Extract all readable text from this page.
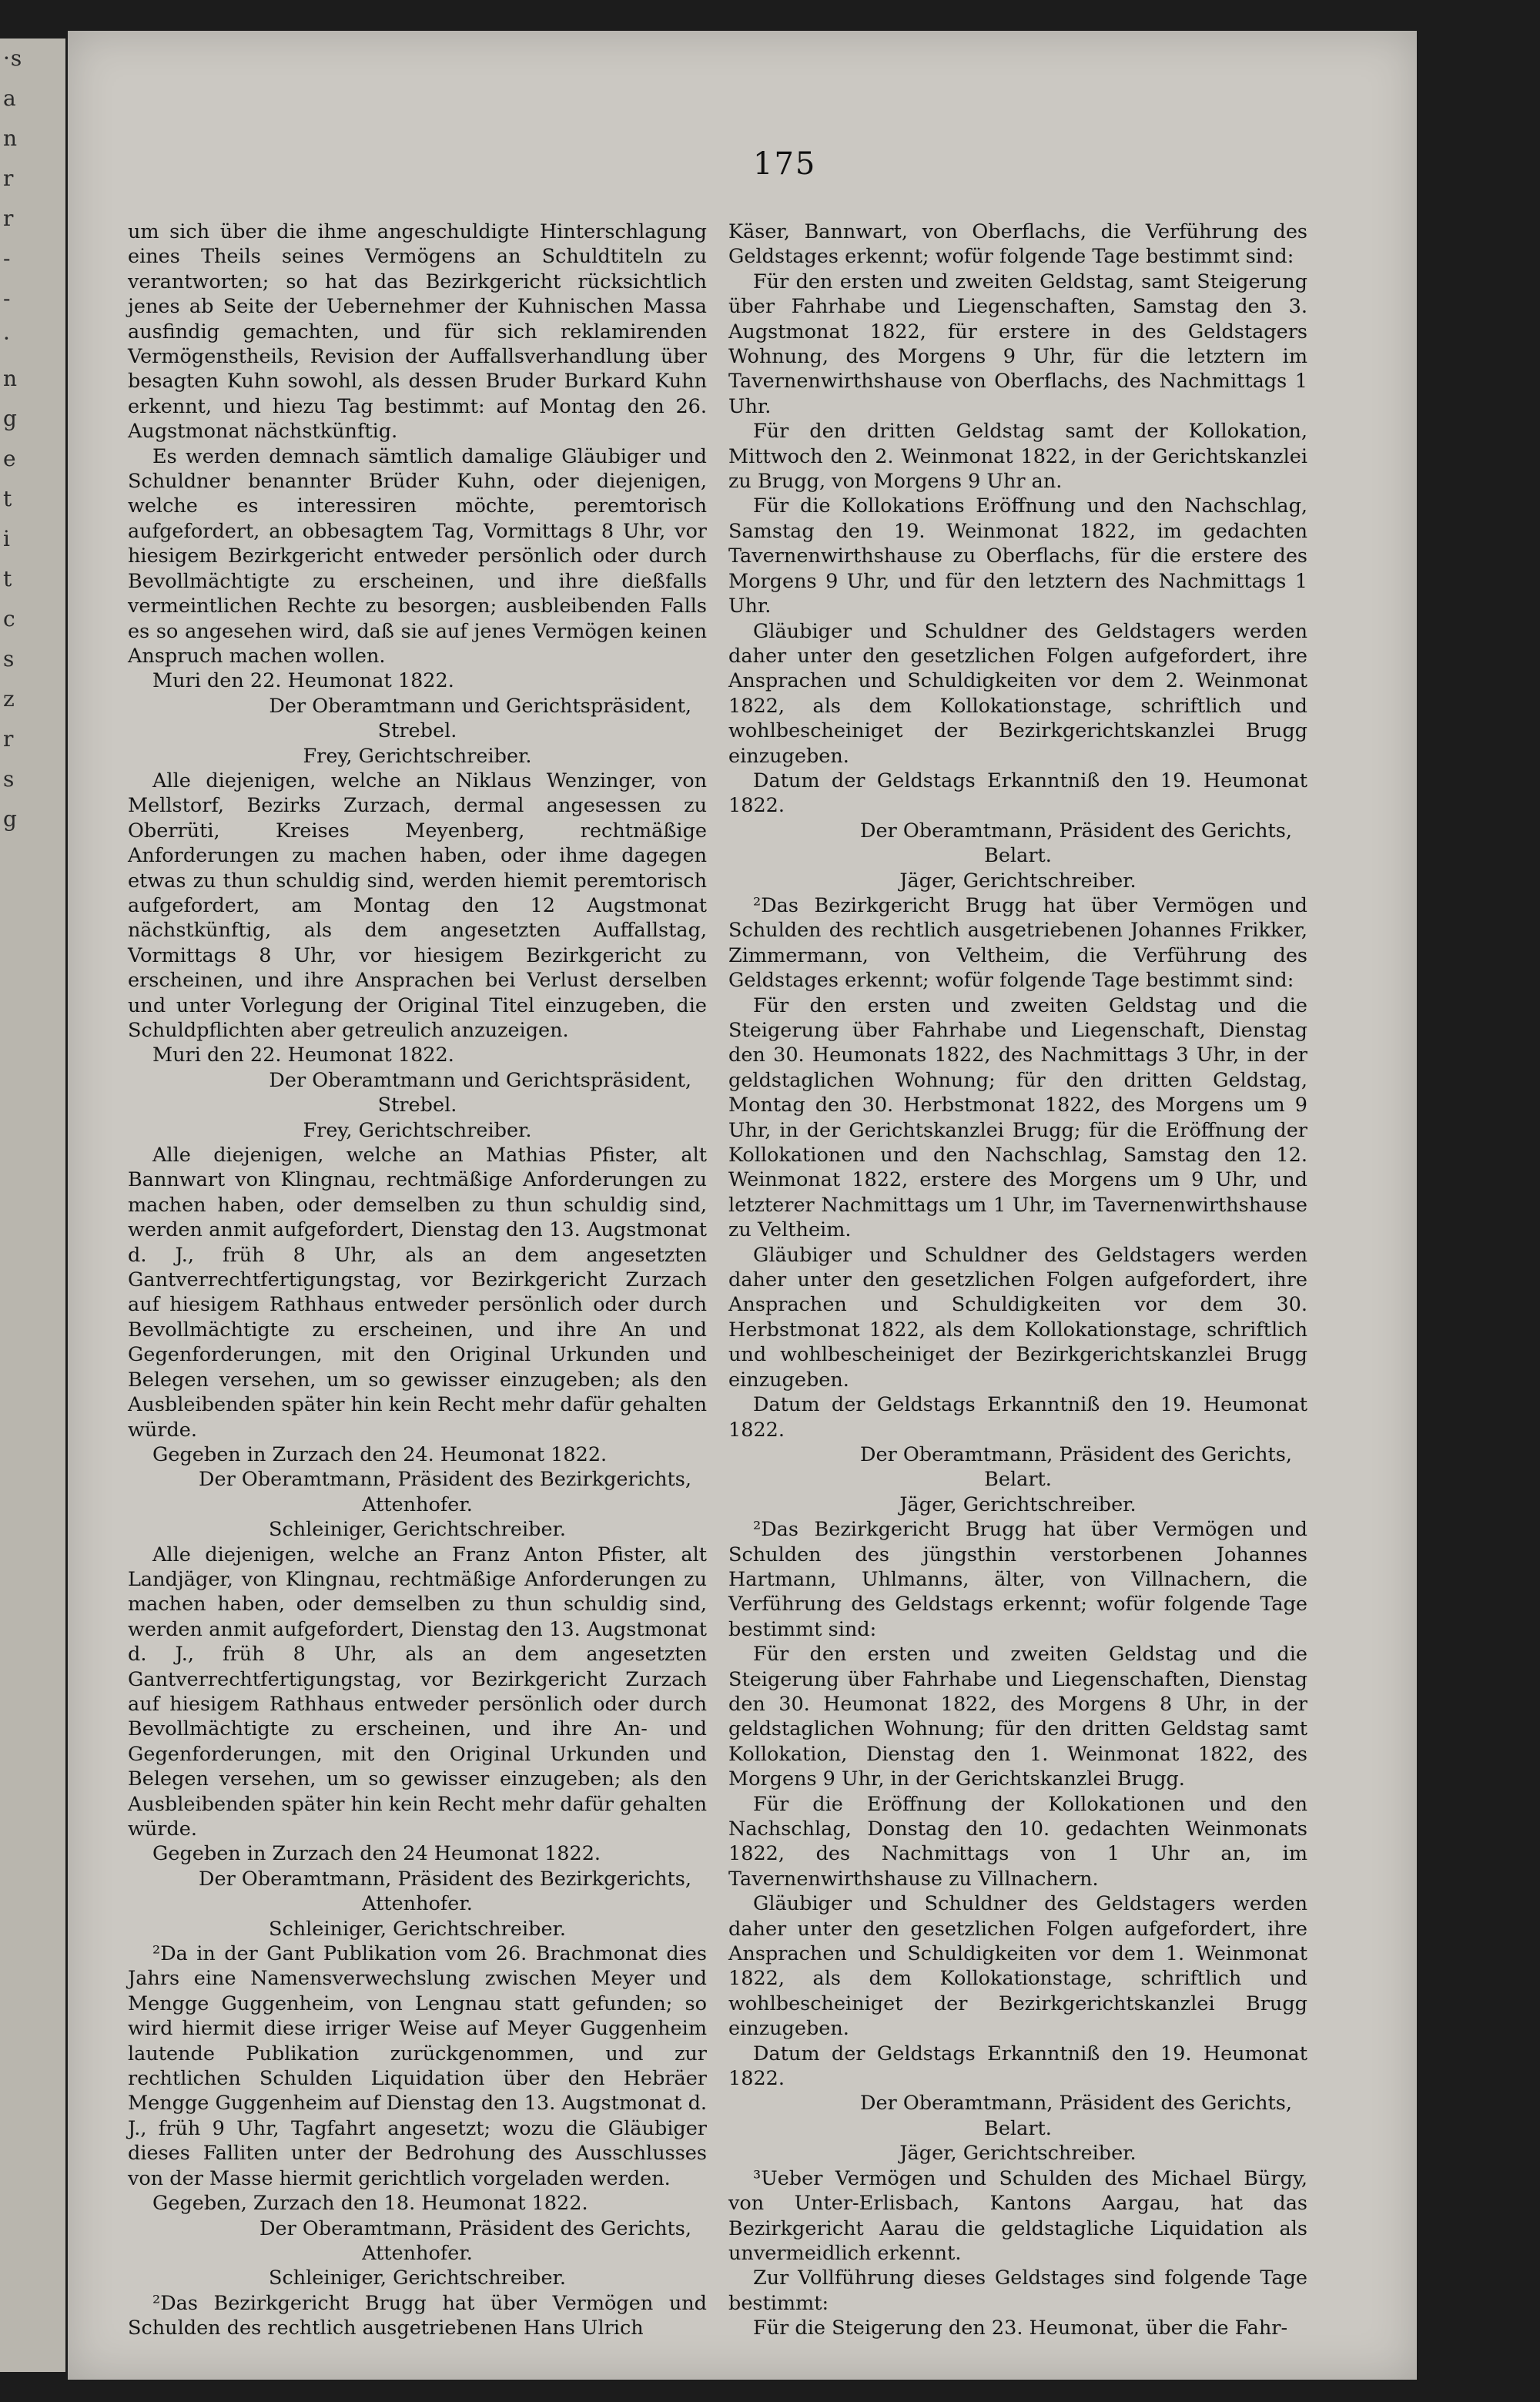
·s
a
n
r
r
-
-
·
n
g
e
t
i
t
c
s
z
r
s
g
175

um sich über die ihme angeschuldigte Hinterschlagung eines Theils seines Vermögens an Schuldtiteln zu verantworten; so hat das Bezirkgericht rücksichtlich jenes ab Seite der Uebernehmer der Kuhnischen Massa ausfindig gemachten, und für sich reklamirenden Vermögenstheils, Revision der Auffallsverhandlung über besagten Kuhn sowohl, als dessen Bruder Burkard Kuhn erkennt, und hiezu Tag bestimmt: auf Montag den 26. Augstmonat nächstkünftig.

Es werden demnach sämtlich damalige Gläubiger und Schuldner benannter Brüder Kuhn, oder diejenigen, welche es interessiren möchte, peremtorisch aufgefordert, an obbesagtem Tag, Vormittags 8 Uhr, vor hiesigem Bezirkgericht entweder persönlich oder durch Bevollmächtigte zu erscheinen, und ihre dießfalls vermeintlichen Rechte zu besorgen; ausbleibenden Falls es so angesehen wird, daß sie auf jenes Vermögen keinen Anspruch machen wollen.

Muri den 22. Heumonat 1822.

Der Oberamtmann und Gerichtspräsident,

Strebel.

Frey, Gerichtschreiber.

Alle diejenigen, welche an Niklaus Wenzinger, von Mellstorf, Bezirks Zurzach, dermal angesessen zu Oberrüti, Kreises Meyenberg, rechtmäßige Anforderungen zu machen haben, oder ihme dagegen etwas zu thun schuldig sind, werden hiemit peremtorisch aufgefordert, am Montag den 12 Augstmonat nächstkünftig, als dem angesetzten Auffallstag, Vormittags 8 Uhr, vor hiesigem Bezirkgericht zu erscheinen, und ihre Ansprachen bei Verlust derselben und unter Vorlegung der Original Titel einzugeben, die Schuldpflichten aber getreulich anzuzeigen.

Muri den 22. Heumonat 1822.

Der Oberamtmann und Gerichtspräsident,

Strebel.

Frey, Gerichtschreiber.

Alle diejenigen, welche an Mathias Pfister, alt Bannwart von Klingnau, rechtmäßige Anforderungen zu machen haben, oder demselben zu thun schuldig sind, werden anmit aufgefordert, Dienstag den 13. Augstmonat d. J., früh 8 Uhr, als an dem angesetzten Gantverrechtfertigungstag, vor Bezirkgericht Zurzach auf hiesigem Rathhaus entweder persönlich oder durch Bevollmächtigte zu erscheinen, und ihre An und Gegenforderungen, mit den Original Urkunden und Belegen versehen, um so gewisser einzugeben; als den Ausbleibenden später hin kein Recht mehr dafür gehalten würde.

Gegeben in Zurzach den 24. Heumonat 1822.

Der Oberamtmann, Präsident des Bezirkgerichts,

Attenhofer.

Schleiniger, Gerichtschreiber.

Alle diejenigen, welche an Franz Anton Pfister, alt Landjäger, von Klingnau, rechtmäßige Anforderungen zu machen haben, oder demselben zu thun schuldig sind, werden anmit aufgefordert, Dienstag den 13. Augstmonat d. J., früh 8 Uhr, als an dem angesetzten Gantverrechtfertigungstag, vor Bezirkgericht Zurzach auf hiesigem Rathhaus entweder persönlich oder durch Bevollmächtigte zu erscheinen, und ihre An- und Gegenforderungen, mit den Original Urkunden und Belegen versehen, um so gewisser einzugeben; als den Ausbleibenden später hin kein Recht mehr dafür gehalten würde.

Gegeben in Zurzach den 24 Heumonat 1822.

Der Oberamtmann, Präsident des Bezirkgerichts,

Attenhofer.

Schleiniger, Gerichtschreiber.

²Da in der Gant Publikation vom 26. Brachmonat dies Jahrs eine Namensverwechslung zwischen Meyer und Mengge Guggenheim, von Lengnau statt gefunden; so wird hiermit diese irriger Weise auf Meyer Guggenheim lautende Publikation zurückgenommen, und zur rechtlichen Schulden Liquidation über den Hebräer Mengge Guggenheim auf Dienstag den 13. Augstmonat d. J., früh 9 Uhr, Tagfahrt angesetzt; wozu die Gläubiger dieses Falliten unter der Bedrohung des Ausschlusses von der Masse hiermit gerichtlich vorgeladen werden.

Gegeben, Zurzach den 18. Heumonat 1822.

Der Oberamtmann, Präsident des Gerichts,

Attenhofer.

Schleiniger, Gerichtschreiber.

²Das Bezirkgericht Brugg hat über Vermögen und Schulden des rechtlich ausgetriebenen Hans Ulrich

Käser, Bannwart, von Oberflachs, die Verführung des Geldstages erkennt; wofür folgende Tage bestimmt sind:

Für den ersten und zweiten Geldstag, samt Steigerung über Fahrhabe und Liegenschaften, Samstag den 3. Augstmonat 1822, für erstere in des Geldstagers Wohnung, des Morgens 9 Uhr, für die letztern im Tavernenwirthshause von Oberflachs, des Nachmittags 1 Uhr.

Für den dritten Geldstag samt der Kollokation, Mittwoch den 2. Weinmonat 1822, in der Gerichtskanzlei zu Brugg, von Morgens 9 Uhr an.

Für die Kollokations Eröffnung und den Nachschlag, Samstag den 19. Weinmonat 1822, im gedachten Tavernenwirthshause zu Oberflachs, für die erstere des Morgens 9 Uhr, und für den letztern des Nachmittags 1 Uhr.

Gläubiger und Schuldner des Geldstagers werden daher unter den gesetzlichen Folgen aufgefordert, ihre Ansprachen und Schuldigkeiten vor dem 2. Weinmonat 1822, als dem Kollokationstage, schriftlich und wohlbescheiniget der Bezirkgerichtskanzlei Brugg einzugeben.

Datum der Geldstags Erkanntniß den 19. Heumonat 1822.

Der Oberamtmann, Präsident des Gerichts,

Belart.

Jäger, Gerichtschreiber.

²Das Bezirkgericht Brugg hat über Vermögen und Schulden des rechtlich ausgetriebenen Johannes Frikker, Zimmermann, von Veltheim, die Verführung des Geldstages erkennt; wofür folgende Tage bestimmt sind:

Für den ersten und zweiten Geldstag und die Steigerung über Fahrhabe und Liegenschaft, Dienstag den 30. Heumonats 1822, des Nachmittags 3 Uhr, in der geldstaglichen Wohnung; für den dritten Geldstag, Montag den 30. Herbstmonat 1822, des Morgens um 9 Uhr, in der Gerichtskanzlei Brugg; für die Eröffnung der Kollokationen und den Nachschlag, Samstag den 12. Weinmonat 1822, erstere des Morgens um 9 Uhr, und letzterer Nachmittags um 1 Uhr, im Tavernenwirthshause zu Veltheim.

Gläubiger und Schuldner des Geldstagers werden daher unter den gesetzlichen Folgen aufgefordert, ihre Ansprachen und Schuldigkeiten vor dem 30. Herbstmonat 1822, als dem Kollokationstage, schriftlich und wohlbescheiniget der Bezirkgerichtskanzlei Brugg einzugeben.

Datum der Geldstags Erkanntniß den 19. Heumonat 1822.

Der Oberamtmann, Präsident des Gerichts,

Belart.

Jäger, Gerichtschreiber.

²Das Bezirkgericht Brugg hat über Vermögen und Schulden des jüngsthin verstorbenen Johannes Hartmann, Uhlmanns, älter, von Villnachern, die Verführung des Geldstags erkennt; wofür folgende Tage bestimmt sind:

Für den ersten und zweiten Geldstag und die Steigerung über Fahrhabe und Liegenschaften, Dienstag den 30. Heumonat 1822, des Morgens 8 Uhr, in der geldstaglichen Wohnung; für den dritten Geldstag samt Kollokation, Dienstag den 1. Weinmonat 1822, des Morgens 9 Uhr, in der Gerichtskanzlei Brugg.

Für die Eröffnung der Kollokationen und den Nachschlag, Donstag den 10. gedachten Weinmonats 1822, des Nachmittags von 1 Uhr an, im Tavernenwirthshause zu Villnachern.

Gläubiger und Schuldner des Geldstagers werden daher unter den gesetzlichen Folgen aufgefordert, ihre Ansprachen und Schuldigkeiten vor dem 1. Weinmonat 1822, als dem Kollokationstage, schriftlich und wohlbescheiniget der Bezirkgerichtskanzlei Brugg einzugeben.

Datum der Geldstags Erkanntniß den 19. Heumonat 1822.

Der Oberamtmann, Präsident des Gerichts,

Belart.

Jäger, Gerichtschreiber.

³Ueber Vermögen und Schulden des Michael Bürgy, von Unter-Erlisbach, Kantons Aargau, hat das Bezirkgericht Aarau die geldstagliche Liquidation als unvermeidlich erkennt.

Zur Vollführung dieses Geldstages sind folgende Tage bestimmt:

Für die Steigerung den 23. Heumonat, über die Fahr-
